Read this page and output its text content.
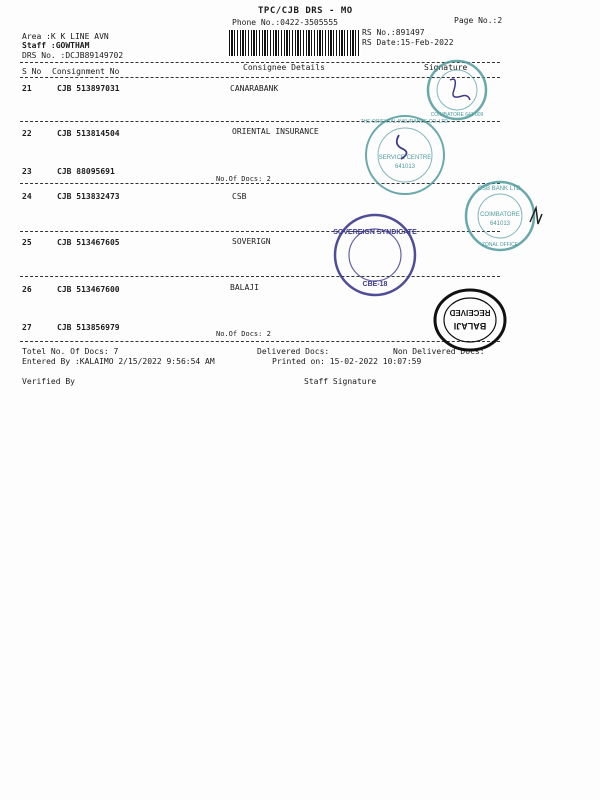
TPC/CJB DRS - MO
Phone No.:0422-3505555	Page No.:2
RS No.:891497
RS Date:15-Feb-2022
Area :K K LINE AVN
Staff :GOWTHAM
DRS No. :DCJB89149702
S No Consignment No	Consignee Details	Signature
21	CJB 513897031	CANARABANK
22	CJB 513814504	ORIENTAL INSURANCE
23	CJB 88095691
No.Of Docs: 2
24	CJB 513832473	CSB
25	CJB 513467605	SOVERIGN
26	CJB 513467600	BALAJI
27	CJB 513856979
No.Of Docs: 2
Totel No. Of Docs: 7	Delivered Docs:	Non Delivered Docs:
Entered By :KALAIMO 2/15/2022 9:56:54 AM	Printed on: 15-02-2022 10:07:59
Verified By	Staff Signature
COIMBATORE 641 009
THE ORIENTAL INSURANCE CO. LTD.
SERVICE CENTRE
641013
CSB BANK LTD.
COIMBATORE
641013
ZONAL OFFICE
SOVEREIGN SYNDICATE
CBE-18
BALAJI
RECEIVED
